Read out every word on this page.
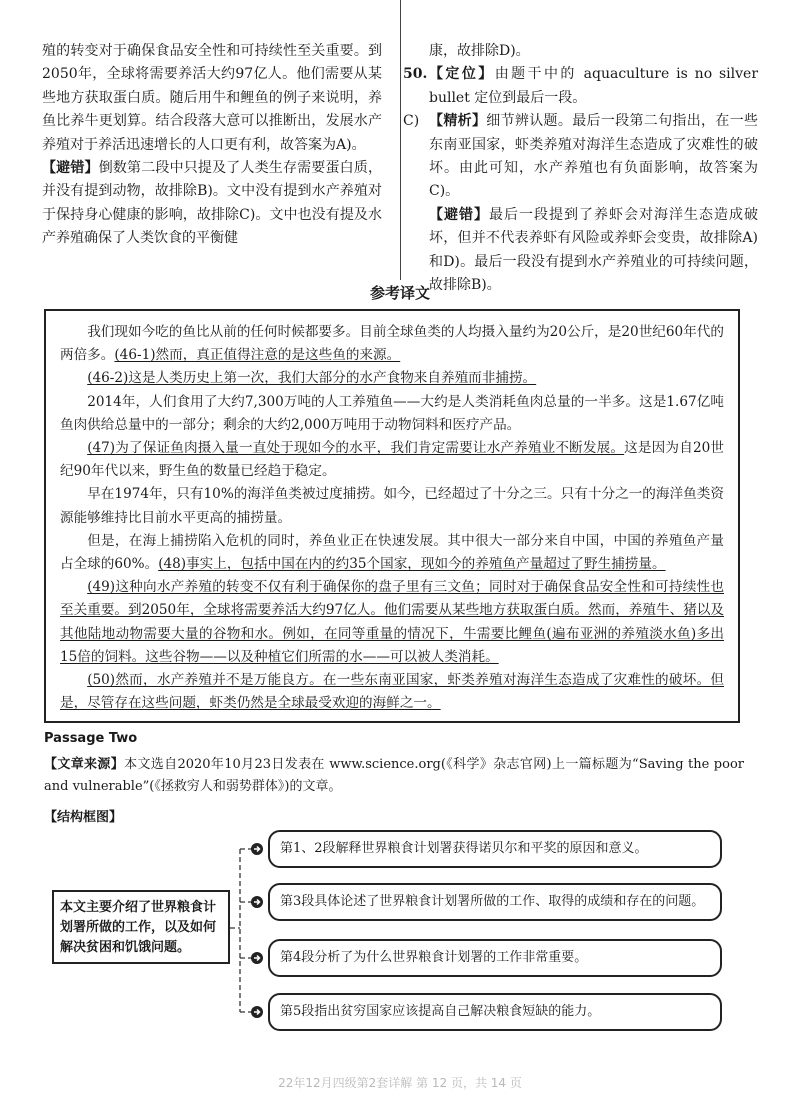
殖的转变对于确保食品安全性和可持续性至关重要。到2050年，全球将需要养活大约97亿人。他们需要从某些地方获取蛋白质。随后用牛和鲤鱼的例子来说明，养鱼比养牛更划算。结合段落大意可以推断出，发展水产养殖对于养活迅速增长的人口更有利，故答案为A)。

【避错】倒数第二段中只提及了人类生存需要蛋白质，并没有提到动物，故排除B)。文中没有提到水产养殖对于保持身心健康的影响，故排除C)。文中也没有提及水产养殖确保了人类饮食的平衡健

康，故排除D)。

50. 【定位】由题干中的 aquaculture is no silver bullet 定位到最后一段。
C) 【精析】细节辨认题。最后一段第二句指出，在一些东南亚国家，虾类养殖对海洋生态造成了灾难性的破坏。由此可知，水产养殖也有负面影响，故答案为C)。
【避错】最后一段提到了养虾会对海洋生态造成破坏，但并不代表养虾有风险或养虾会变贵，故排除A)和D)。最后一段没有提到水产养殖业的可持续问题，故排除B)。
参考译文

我们现如今吃的鱼比从前的任何时候都要多。目前全球鱼类的人均摄入量约为20公斤，是20世纪60年代的两倍多。(46-1)然而，真正值得注意的是这些鱼的来源。

(46-2)这是人类历史上第一次，我们大部分的水产食物来自养殖而非捕捞。

2014年，人们食用了大约7,300万吨的人工养殖鱼——大约是人类消耗鱼肉总量的一半多。这是1.67亿吨鱼肉供给总量中的一部分；剩余的大约2,000万吨用于动物饲料和医疗产品。

(47)为了保证鱼肉摄入量一直处于现如今的水平，我们肯定需要让水产养殖业不断发展。这是因为自20世纪90年代以来，野生鱼的数量已经趋于稳定。

早在1974年，只有10%的海洋鱼类被过度捕捞。如今，已经超过了十分之三。只有十分之一的海洋鱼类资源能够维持比目前水平更高的捕捞量。

但是，在海上捕捞陷入危机的同时，养鱼业正在快速发展。其中很大一部分来自中国，中国的养殖鱼产量占全球的60%。(48)事实上，包括中国在内的约35个国家，现如今的养殖鱼产量超过了野生捕捞量。

(49)这种向水产养殖的转变不仅有利于确保你的盘子里有三文鱼；同时对于确保食品安全性和可持续性也至关重要。到2050年，全球将需要养活大约97亿人。他们需要从某些地方获取蛋白质。然而，养殖牛、猪以及其他陆地动物需要大量的谷物和水。例如，在同等重量的情况下，牛需要比鲤鱼(遍布亚洲的养殖淡水鱼)多出15倍的饲料。这些谷物——以及种植它们所需的水——可以被人类消耗。

(50)然而，水产养殖并不是万能良方。在一些东南亚国家，虾类养殖对海洋生态造成了灾难性的破坏。但是，尽管存在这些问题，虾类仍然是全球最受欢迎的海鲜之一。

Passage Two
【文章来源】本文选自2020年10月23日发表在 www.science.org(《科学》杂志官网)上一篇标题为“Saving the poor and vulnerable”(《拯救穷人和弱势群体》)的文章。
【结构框图】
本文主要介绍了世界粮食计划署所做的工作，以及如何解决贫困和饥饿问题。
第1、2段解释世界粮食计划署获得诺贝尔和平奖的原因和意义。
第3段具体论述了世界粮食计划署所做的工作、取得的成绩和存在的问题。
第4段分析了为什么世界粮食计划署的工作非常重要。
第5段指出贫穷国家应该提高自己解决粮食短缺的能力。
22年12月四级第2套详解 第 12 页，共 14 页
